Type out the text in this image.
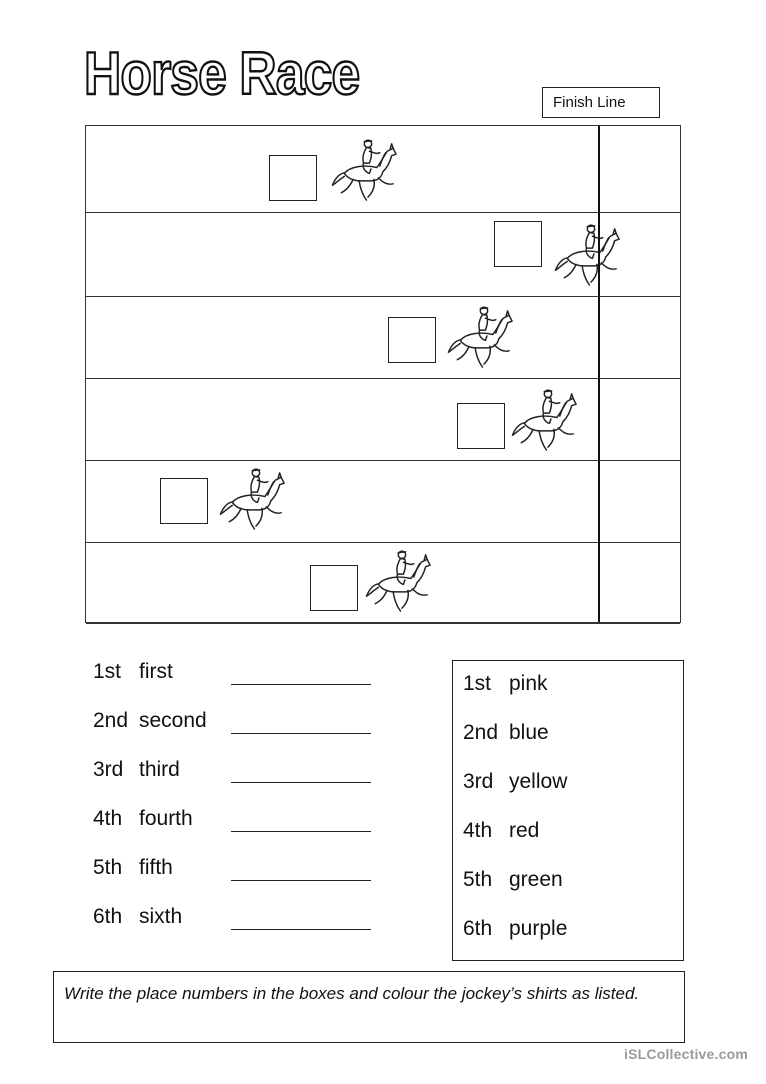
Horse Race	Finish Line
1st first
2nd second
3rd third
4th fourth
5th fifth
6th sixth
1st pink
2nd blue
3rd yellow
4th red
5th green
6th purple
Write the place numbers in the boxes and colour the jockey’s shirts as listed.
iSLCollective.com
